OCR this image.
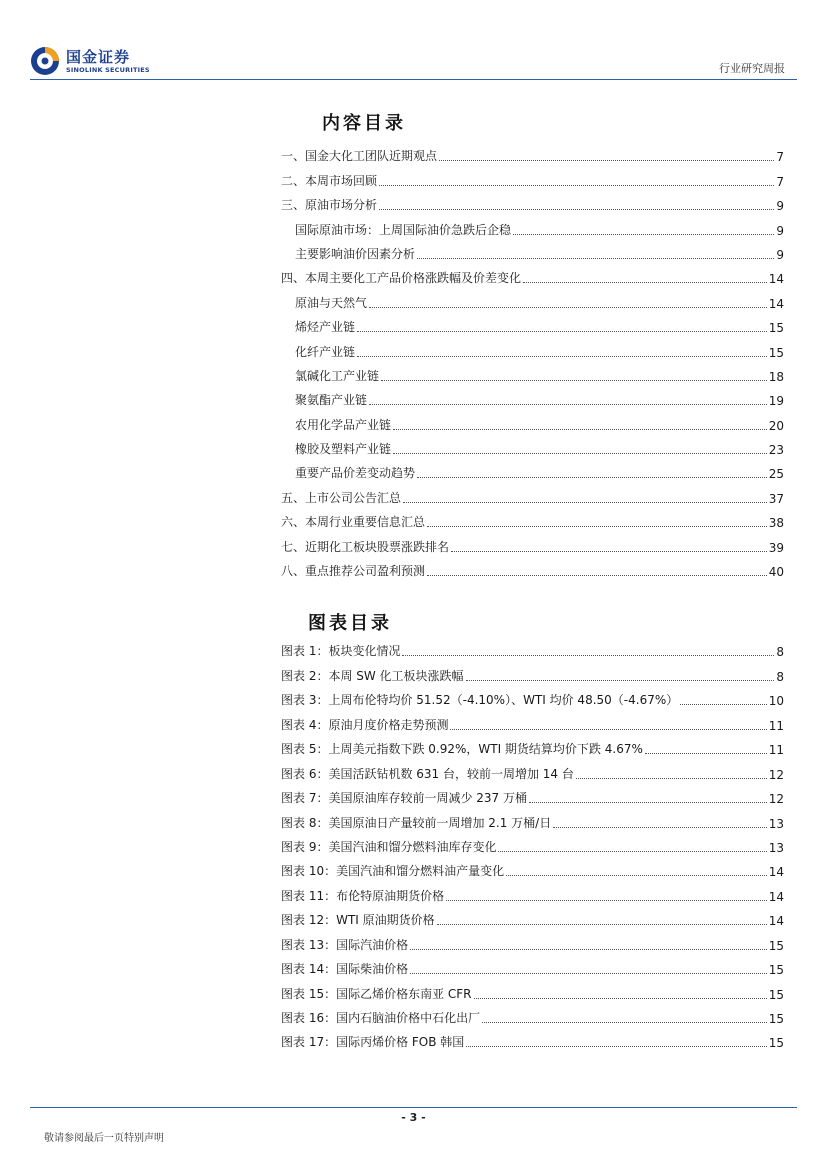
国金证券
SINOLINK SECURITIES	行业研究周报
内容目录
一、国金大化工团队近期观点	7
二、本周市场回顾	7
三、原油市场分析	9
国际原油市场：上周国际油价急跌后企稳	9
主要影响油价因素分析	9
四、本周主要化工产品价格涨跌幅及价差变化	14
原油与天然气	14
烯烃产业链	15
化纤产业链	15
氯碱化工产业链	18
聚氨酯产业链	19
农用化学品产业链	20
橡胶及塑料产业链	23
重要产品价差变动趋势	25
五、上市公司公告汇总	37
六、本周行业重要信息汇总	38
七、近期化工板块股票涨跌排名	39
八、重点推荐公司盈利预测	40
图表目录
图表 1：板块变化情况	8
图表 2：本周 SW 化工板块涨跌幅	8
图表 3：上周布伦特均价 51.52（-4.10%）、WTI 均价 48.50（-4.67%）	10
图表 4：原油月度价格走势预测	11
图表 5：上周美元指数下跌 0.92%，WTI 期货结算均价下跌 4.67%	11
图表 6：美国活跃钻机数 631 台，较前一周增加 14 台	12
图表 7：美国原油库存较前一周减少 237 万桶	12
图表 8：美国原油日产量较前一周增加 2.1 万桶/日	13
图表 9：美国汽油和馏分燃料油库存变化	13
图表 10：美国汽油和馏分燃料油产量变化	14
图表 11：布伦特原油期货价格	14
图表 12：WTI 原油期货价格	14
图表 13：国际汽油价格	15
图表 14：国际柴油价格	15
图表 15：国际乙烯价格东南亚 CFR	15
图表 16：国内石脑油价格中石化出厂	15
图表 17：国际丙烯价格 FOB 韩国	15
- 3 -
敬请参阅最后一页特别声明
